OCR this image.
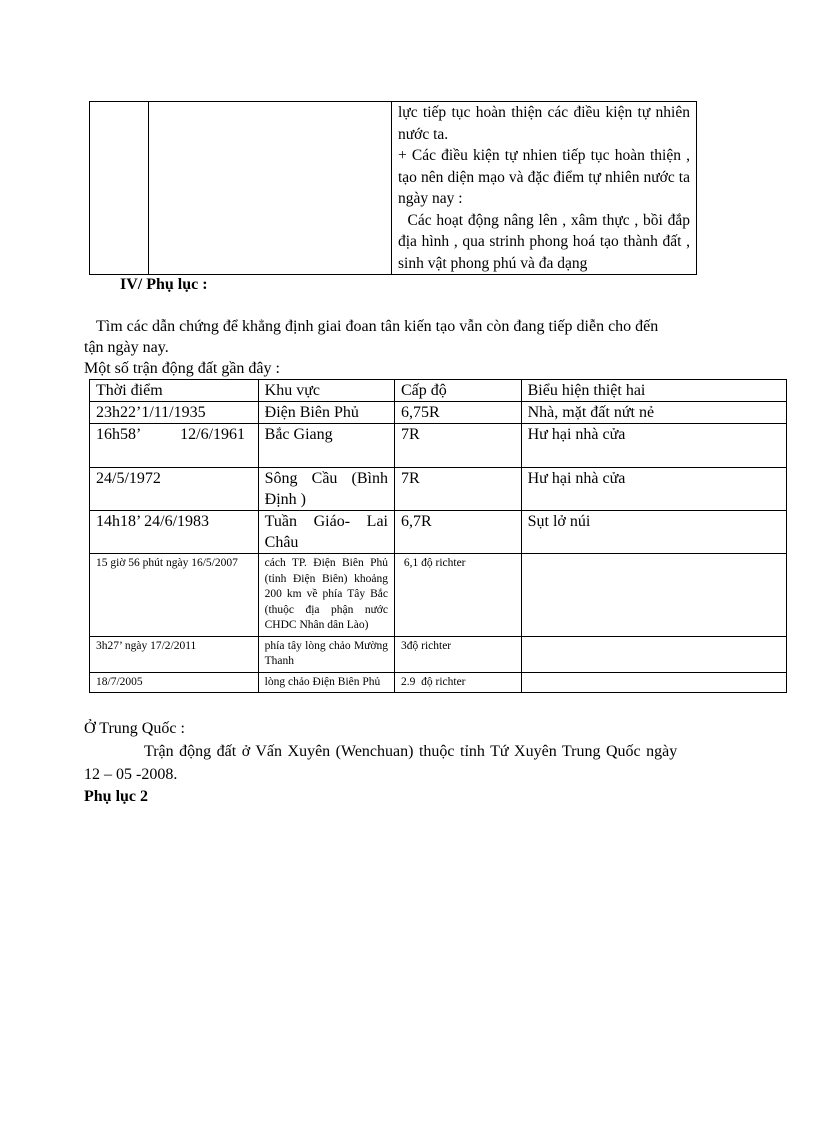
lực tiếp tục hoàn thiện các điều kiện tự nhiên nước ta.

+ Các điều kiện tự nhien tiếp tục hoàn thiện , tạo nên diện mạo và đặc điểm tự nhiên nước ta ngày nay :

Các hoạt động nâng lên , xâm thực , bồi đắp địa hình , qua strinh phong hoá tạo thành đất , sinh vật phong phú và đa dạng

IV/ Phụ lục :
Tìm các dẫn chứng để khẳng định giai đoan tân kiến tạo vẫn còn đang tiếp diễn cho đến
tận ngày nay.
Một số trận động đất gần đây :
Thời điểm	Khu vực	Cấp độ	Biểu hiện thiệt hai
23h22’1/11/1935	Điện Biên Phủ	6,75R	Nhà, mặt đất nứt nẻ
16h58’          12/6/1961	Bắc Giang	7R	Hư hại nhà cửa
24/5/1972	Sông Cầu (Bình Định )	7R	Hư hại nhà cửa
14h18’ 24/6/1983	Tuần Giáo- Lai Châu	6,7R	Sụt lở núi
15 giờ 56 phút ngày 16/5/2007	cách TP. Điện Biên Phủ (tỉnh Điện Biên) khoảng 200 km về phía Tây Bắc (thuộc địa phận nước CHDC Nhân dân Lào)	6,1 độ richter	
3h27’ ngày 17/2/2011	phía tây lòng chảo Mường Thanh	3độ richter	
18/7/2005	lòng chảo Điện Biên Phủ	2.9  độ richter	
Ở Trung Quốc :
Trận động đất ở Vấn Xuyên (Wenchuan) thuộc tỉnh Tứ Xuyên Trung Quốc ngày
12 – 05 -2008.
Phụ lục 2
